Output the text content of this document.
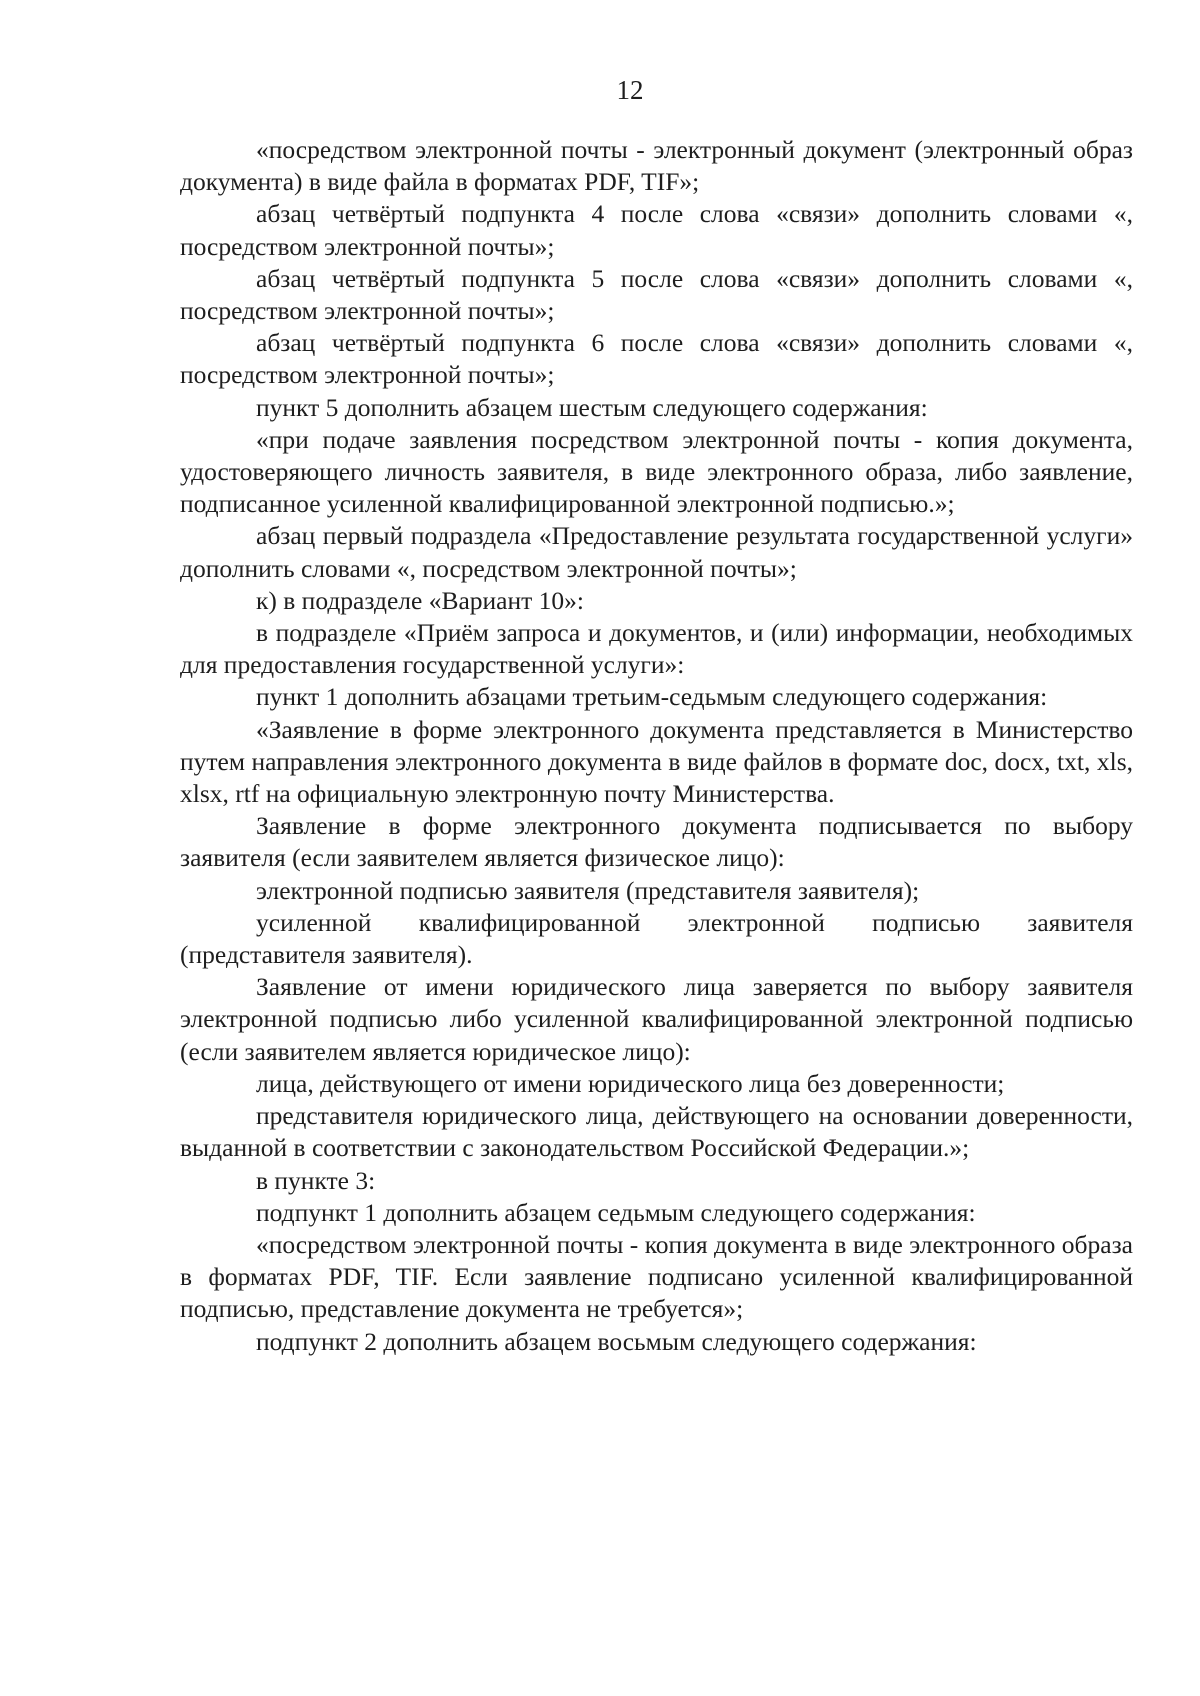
12

«посредством электронной почты - электронный документ (электронный образ документа) в виде файла в форматах PDF, TIF»;

абзац четвёртый подпункта 4 после слова «связи» дополнить словами «, посредством электронной почты»;

абзац четвёртый подпункта 5 после слова «связи» дополнить словами «, посредством электронной почты»;

абзац четвёртый подпункта 6 после слова «связи» дополнить словами «, посредством электронной почты»;

пункт 5 дополнить абзацем шестым следующего содержания:

«при подаче заявления посредством электронной почты - копия документа, удостоверяющего личность заявителя, в виде электронного образа, либо заявление, подписанное усиленной квалифицированной электронной подписью.»;

абзац первый подраздела «Предоставление результата государственной услуги» дополнить словами «, посредством электронной почты»;

к) в подразделе «Вариант 10»:

в подразделе «Приём запроса и документов, и (или) информации, необходимых для предоставления государственной услуги»:

пункт 1 дополнить абзацами третьим-седьмым следующего содержания:

«Заявление в форме электронного документа представляется в Министерство путем направления электронного документа в виде файлов в формате doc, docx, txt, xls, xlsx, rtf на официальную электронную почту Министерства.

Заявление в форме электронного документа подписывается по выбору заявителя (если заявителем является физическое лицо):

электронной подписью заявителя (представителя заявителя);

усиленной квалифицированной электронной подписью заявителя (представителя заявителя).

Заявление от имени юридического лица заверяется по выбору заявителя электронной подписью либо усиленной квалифицированной электронной подписью (если заявителем является юридическое лицо):

лица, действующего от имени юридического лица без доверенности;

представителя юридического лица, действующего на основании доверенности, выданной в соответствии с законодательством Российской Федерации.»;

в пункте 3:

подпункт 1 дополнить абзацем седьмым следующего содержания:

«посредством электронной почты - копия документа в виде электронного образа в форматах PDF, TIF. Если заявление подписано усиленной квалифицированной подписью, представление документа не требуется»;

подпункт 2 дополнить абзацем восьмым следующего содержания:
